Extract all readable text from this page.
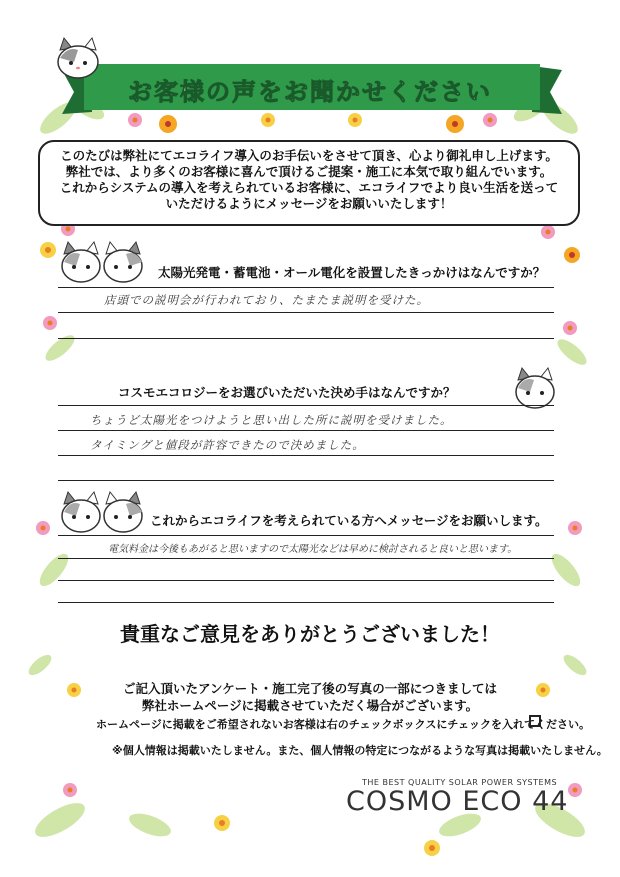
お客様の声をお聞かせください

このたびは弊社にてエコライフ導入のお手伝いをさせて頂き、心より御礼申し上げます。

弊社では、より多くのお客様に喜んで頂けるご提案・施工に本気で取り組んでいます。

これからシステムの導入を考えられているお客様に、エコライフでより良い生活を送って

いただけるようにメッセージをお願いいたします！

太陽光発電・蓄電池・オール電化を設置したきっかけはなんですか？
店頭での説明会が行われており、たまたま説明を受けた。
コスモエコロジーをお選びいただいた決め手はなんですか？
ちょうど太陽光をつけようと思い出した所に説明を受けました。
タイミングと値段が許容できたので決めました。
これからエコライフを考えられている方へメッセージをお願いします。
電気料金は今後もあがると思いますので太陽光などは早めに検討されると良いと思います。
貴重なご意見をありがとうございました！
ご記入頂いたアンケート・施工完了後の写真の一部につきましては
弊社ホームページに掲載させていただく場合がございます。
ホームページに掲載をご希望されないお客様は右のチェックボックスにチェックを入れてください。
※個人情報は掲載いたしません。また、個人情報の特定につながるような写真は掲載いたしません。
THE BEST QUALITY SOLAR POWER SYSTEMS
COSMO ECO 44
